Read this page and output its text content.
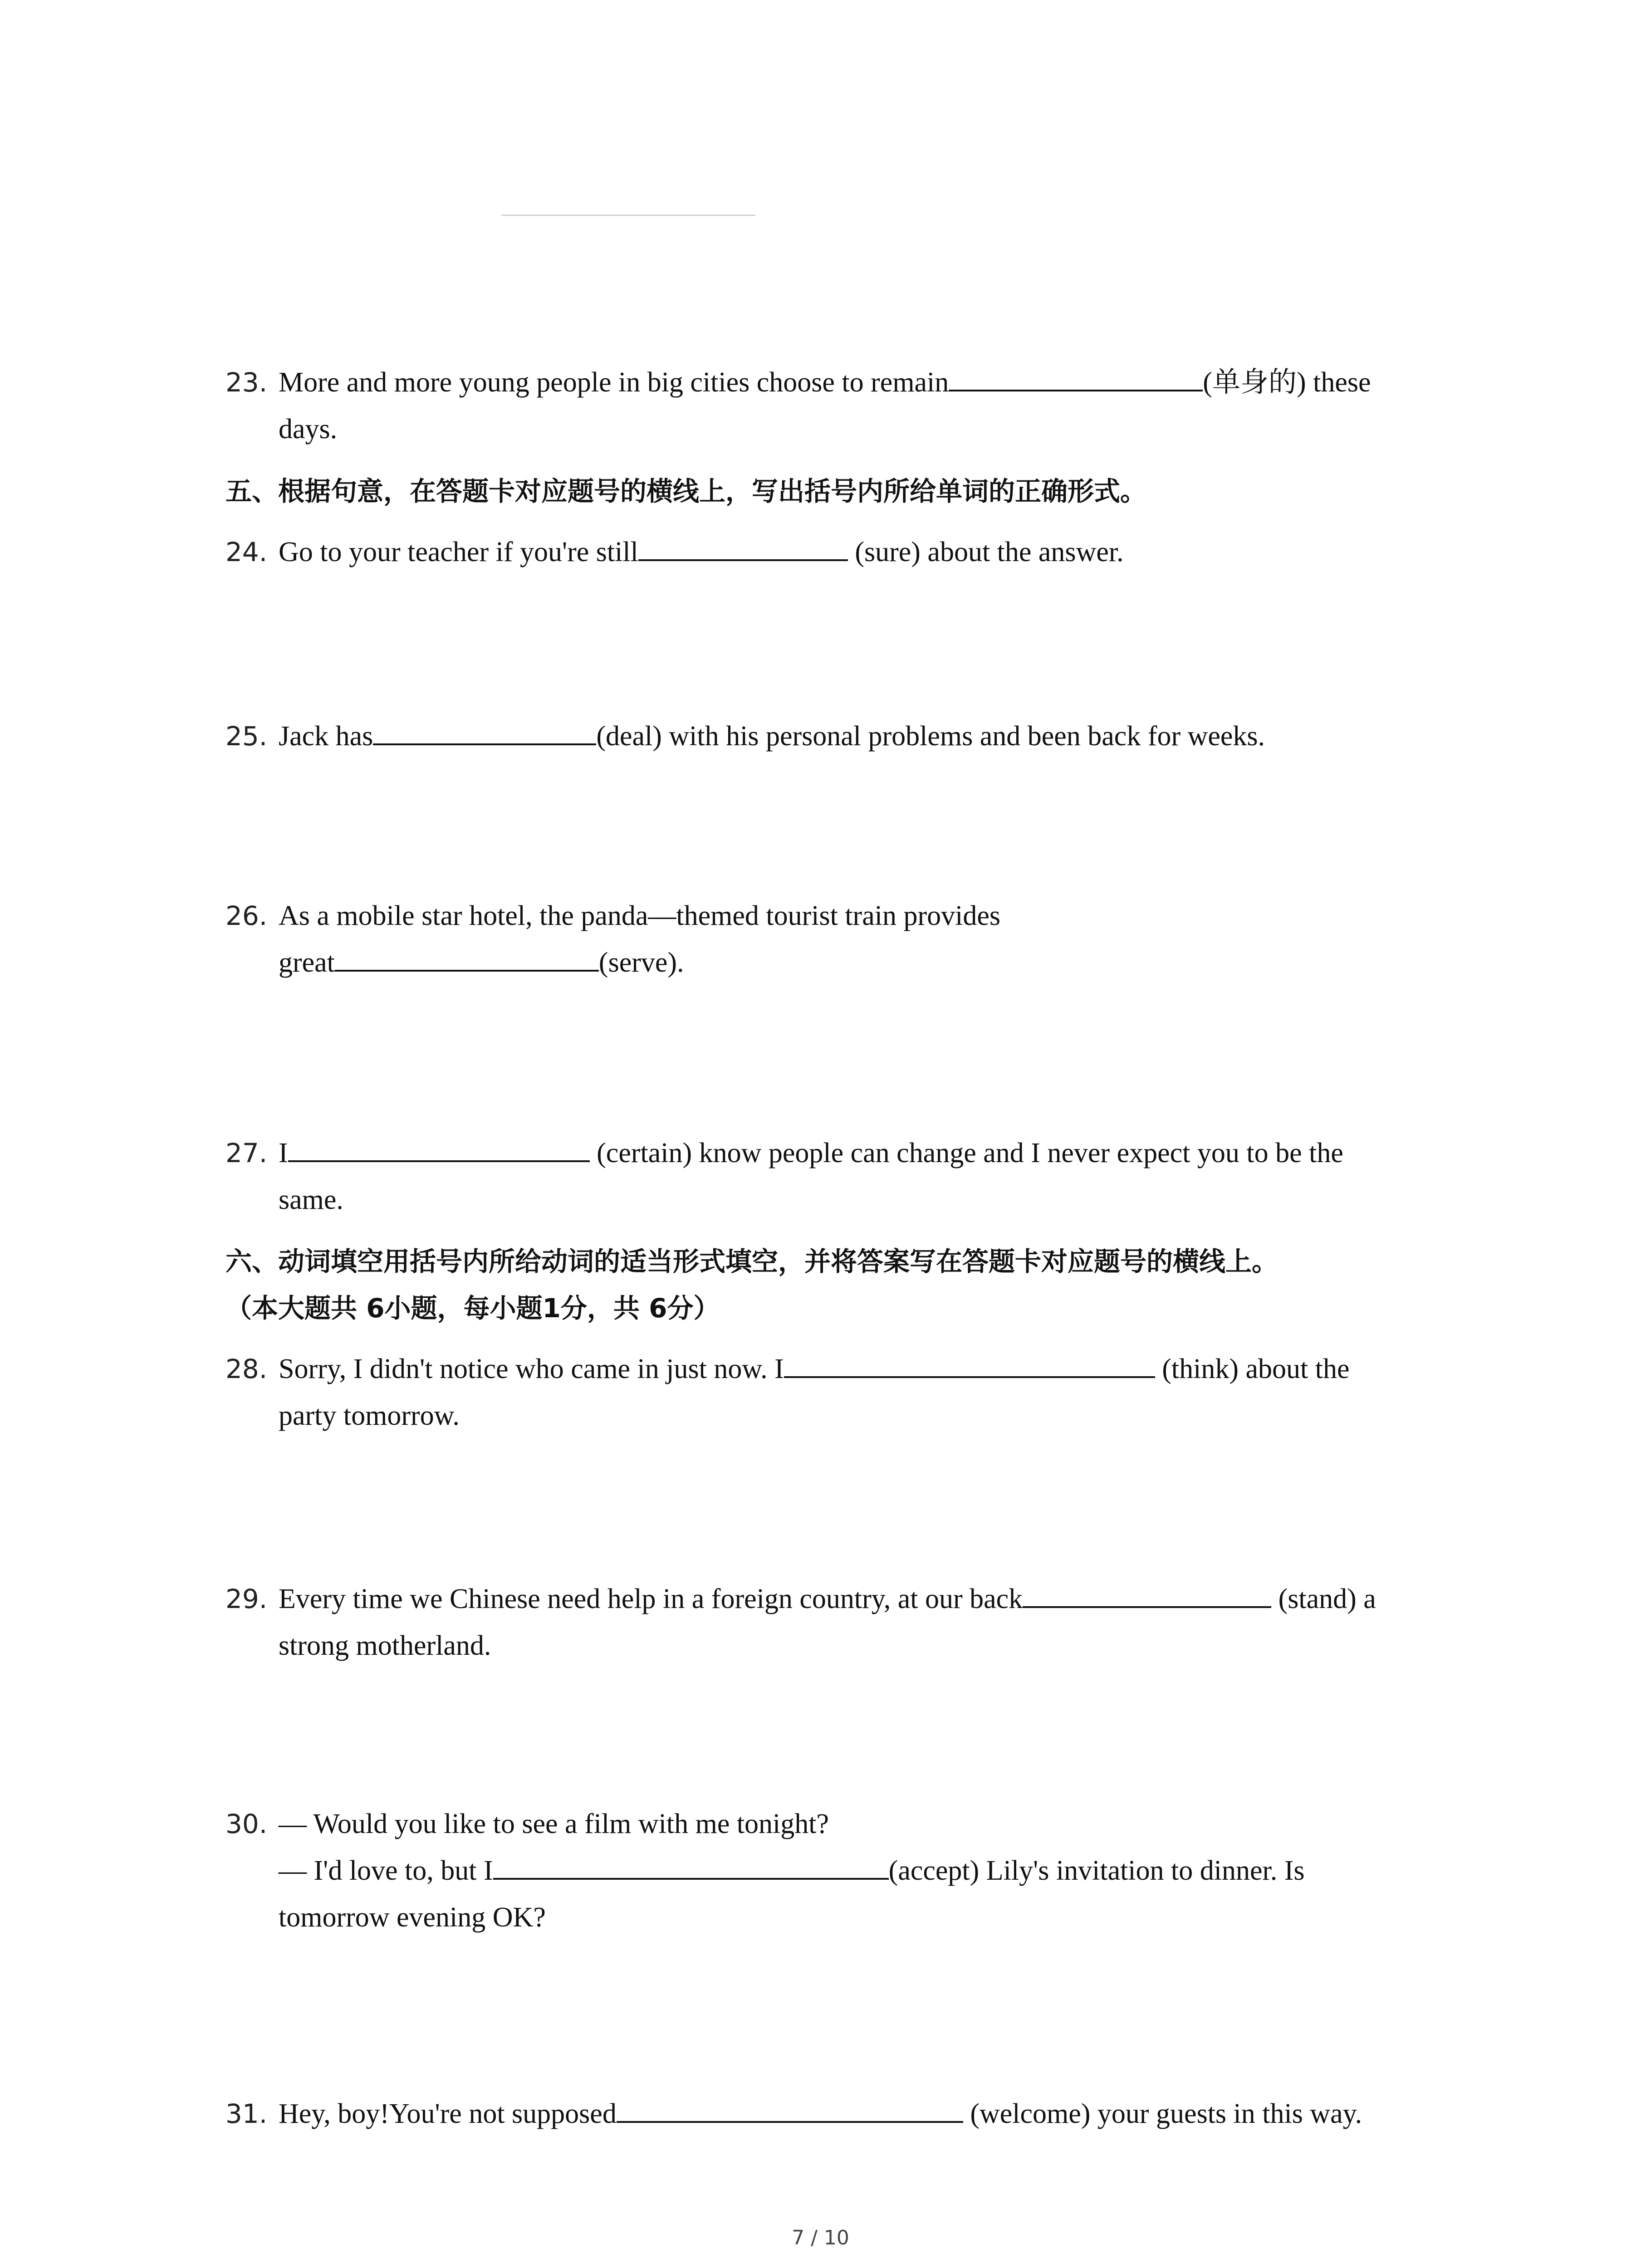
23. More and more young people in big cities choose to remain	(单身的) these
days.
五、根据句意，在答题卡对应题号的横线上，写出括号内所给单词的正确形式。
24. Go to your teacher if you're still	(sure) about the answer.
25. Jack has	(deal) with his personal problems and been back for weeks.
26. As a mobile star hotel, the panda—themed tourist train provides
great	(serve).
27. I	(certain) know people can change and I never expect you to be the
same.
六、动词填空用括号内所给动词的适当形式填空，并将答案写在答题卡对应题号的横线上。
（本大题共 6小题，每小题1分，共 6分）
28. Sorry, I didn't notice who came in just now. I	(think) about the
party tomorrow.
29. Every time we Chinese need help in a foreign country, at our back	(stand) a
strong motherland.
30. — Would you like to see a film with me tonight?
— I'd love to, but I	(accept) Lily's invitation to dinner. Is
tomorrow evening OK?
31. Hey, boy!You're not supposed	(welcome) your guests in this way.
7 / 10
